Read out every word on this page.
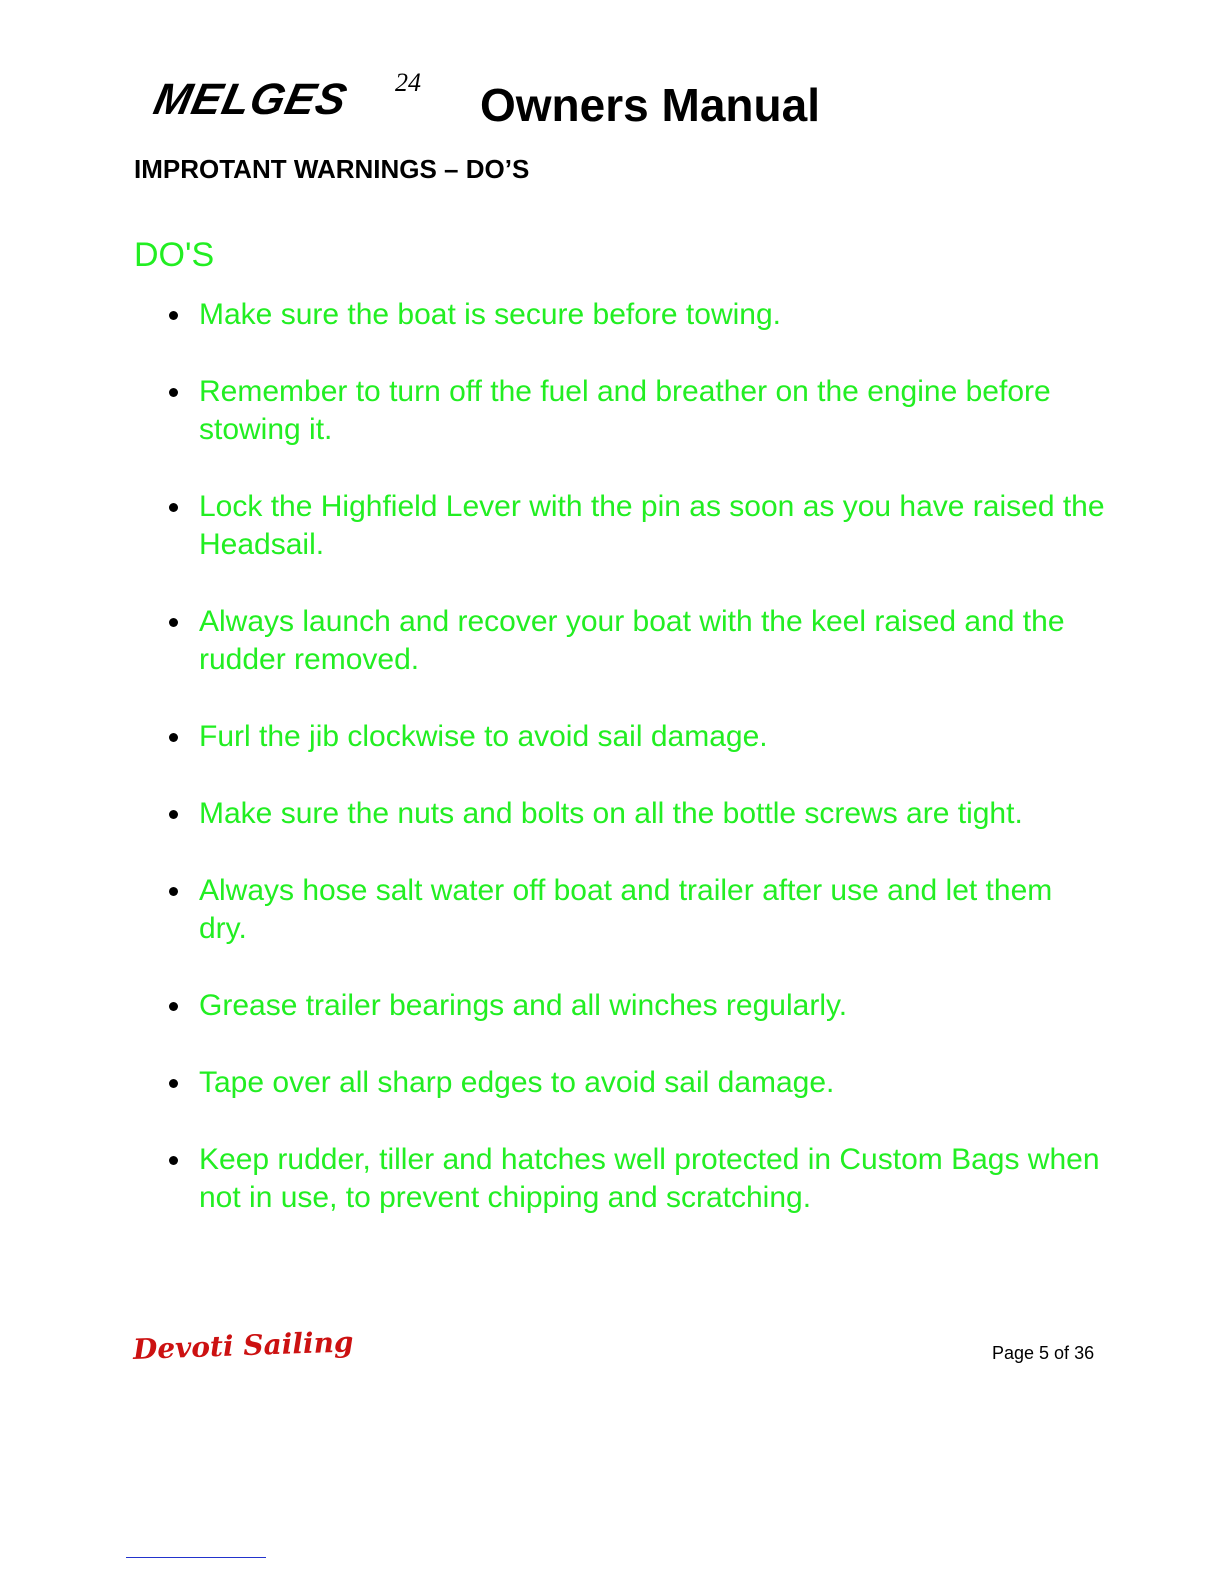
MELGES 24 Owners Manual
IMPROTANT WARNINGS – DO’S
DO'S
Make sure the boat is secure before towing.
Remember to turn off the fuel and breather on the engine before stowing it.
Lock the Highfield Lever with the pin as soon as you have raised the Headsail.
Always launch and recover your boat with the keel raised and the rudder removed.
Furl the jib clockwise to avoid sail damage.
Make sure the nuts and bolts on all the bottle screws are tight.
Always hose salt water off boat and trailer after use and let them dry.
Grease trailer bearings and all winches regularly.
Tape over all sharp edges to avoid sail damage.
Keep rudder, tiller and hatches well protected in Custom Bags when not in use, to prevent chipping and scratching.
Devoti Sailing	Page 5 of 36
